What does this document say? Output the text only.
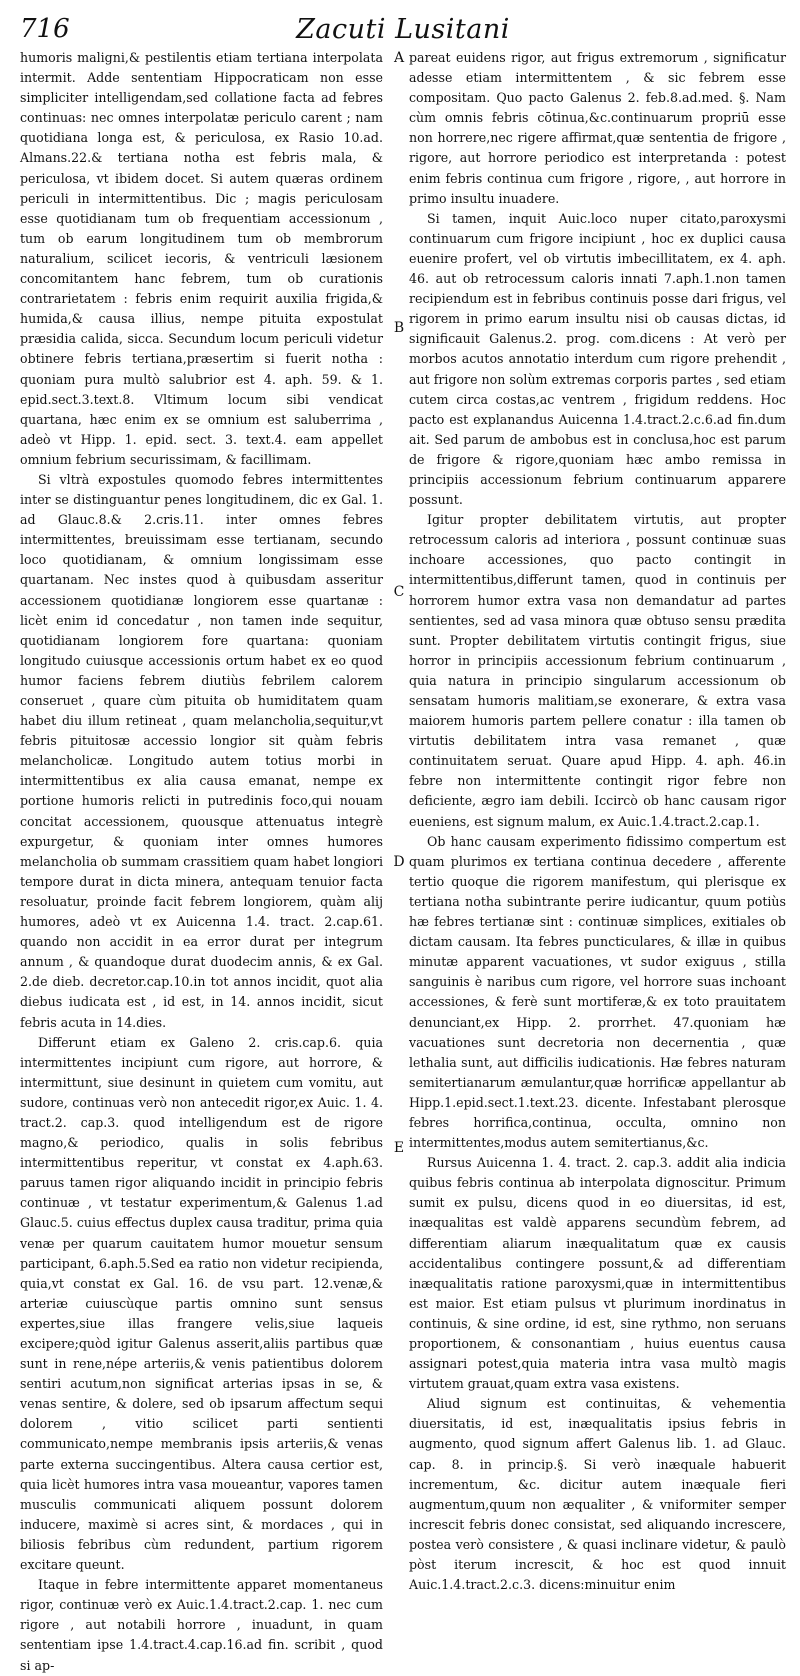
716	Zacuti Lusitani

humoris maligni,& pestilentis etiam tertiana interpolata intermit. Adde sententiam Hippocraticam non esse simpliciter intelligendam,sed collatione facta ad febres continuas: nec omnes interpolatæ periculo carent ; nam quotidiana longa est, & periculosa, ex Rasio 10.ad. Almans.22.& tertiana notha est febris mala, & periculosa, vt ibidem docet. Si autem quæras ordinem periculi in intermittentibus. Dic ; magis periculosam esse quotidianam tum ob frequentiam accessionum , tum ob earum longitudinem tum ob membrorum naturalium, scilicet iecoris, & ventriculi læsionem concomitantem hanc febrem, tum ob curationis contrarietatem : febris enim requirit auxilia frigida,& humida,& causa illius, nempe pituita expostulat præsidia calida, sicca. Secundum locum periculi videtur obtinere febris tertiana,præsertim si fuerit notha : quoniam pura multò salubrior est 4. aph. 59. & 1. epid.sect.3.text.8. Vltimum locum sibi vendicat quartana, hæc enim ex se omnium est saluberrima , adeò vt Hipp. 1. epid. sect. 3. text.4. eam appellet omnium febrium securissimam, & facillimam.

Si vltrà expostules quomodo febres intermittentes inter se distinguantur penes longitudinem, dic ex Gal. 1. ad Glauc.8.& 2.cris.11. inter omnes febres intermittentes, breuissimam esse tertianam, secundo loco quotidianam, & omnium longissimam esse quartanam. Nec instes quod à quibusdam asseritur accessionem quotidianæ longiorem esse quartanæ : licèt enim id concedatur , non tamen inde sequitur, quotidianam longiorem fore quartana: quoniam longitudo cuiusque accessionis ortum habet ex eo quod humor faciens febrem diutiùs febrilem calorem conseruet , quare cùm pituita ob humiditatem quam habet diu illum retineat , quam melancholia,sequitur,vt febris pituitosæ accessio longior sit quàm febris melancholicæ. Longitudo autem totius morbi in intermittentibus ex alia causa emanat, nempe ex portione humoris relicti in putredinis foco,qui nouam concitat accessionem, quousque attenuatus integrè expurgetur, & quoniam inter omnes humores melancholia ob summam crassitiem quam habet longiori tempore durat in dicta minera, antequam tenuior facta resoluatur, proinde facit febrem longiorem, quàm alij humores, adeò vt ex Auicenna 1.4. tract. 2.cap.61. quando non accidit in ea error durat per integrum annum , & quandoque durat duodecim annis, & ex Gal. 2.de dieb. decretor.cap.10.in tot annos incidit, quot alia diebus iudicata est , id est, in 14. annos incidit, sicut febris acuta in 14.dies.

Differunt etiam ex Galeno 2. cris.cap.6. quia intermittentes incipiunt cum rigore, aut horrore, & intermittunt, siue desinunt in quietem cum vomitu, aut sudore, continuas verò non antecedit rigor,ex Auic. 1. 4. tract.2. cap.3. quod intelligendum est de rigore magno,& periodico, qualis in solis febribus intermittentibus reperitur, vt constat ex 4.aph.63. paruus tamen rigor aliquando incidit in principio febris continuæ , vt testatur experimentum,& Galenus 1.ad Glauc.5. cuius effectus duplex causa traditur, prima quia venæ per quarum cauitatem humor mouetur sensum participant, 6.aph.5.Sed ea ratio non videtur recipienda, quia,vt constat ex Gal. 16. de vsu part. 12.venæ,& arteriæ cuiuscùque partis omnino sunt sensus expertes,siue illas frangere velis,siue laqueis excipere;quòd igitur Galenus asserit,aliis partibus quæ sunt in rene,népe arteriis,& venis patientibus dolorem sentiri acutum,non significat arterias ipsas in se, & venas sentire, & dolere, sed ob ipsarum affectum sequi dolorem , vitio scilicet parti sentienti communicato,nempe membranis ipsis arteriis,& venas parte externa succingentibus. Altera causa certior est, quia licèt humores intra vasa moueantur, vapores tamen musculis communicati aliquem possunt dolorem inducere, maximè si acres sint, & mordaces , qui in biliosis febribus cùm redundent, partium rigorem excitare queunt.

Itaque in febre intermittente apparet momentaneus rigor, continuæ verò ex Auic.1.4.tract.2.cap. 1. nec cum rigore , aut notabili horrore , inuadunt, in quam sententiam ipse 1.4.tract.4.cap.16.ad fin. scribit , quod si ap-

A
B
C
D
E

pareat euidens rigor, aut frigus extremorum , significatur adesse etiam intermittentem , & sic febrem esse compositam. Quo pacto Galenus 2. feb.8.ad.med. §. Nam cùm omnis febris cōtinua,&c.continuarum propriū esse non horrere,nec rigere affirmat,quæ sententia de frigore , rigore, aut horrore periodico est interpretanda : potest enim febris continua cum frigore , rigore, , aut horrore in primo insultu inuadere.

Si tamen, inquit Auic.loco nuper citato,paroxysmi continuarum cum frigore incipiunt , hoc ex duplici causa euenire profert, vel ob virtutis imbecillitatem, ex 4. aph. 46. aut ob retrocessum caloris innati 7.aph.1.non tamen recipiendum est in febribus continuis posse dari frigus, vel rigorem in primo earum insultu nisi ob causas dictas, id significauit Galenus.2. prog. com.dicens : At verò per morbos acutos annotatio interdum cum rigore prehendit , aut frigore non solùm extremas corporis partes , sed etiam cutem circa costas,ac ventrem , frigidum reddens. Hoc pacto est explanandus Auicenna 1.4.tract.2.c.6.ad fin.dum ait. Sed parum de ambobus est in conclusa,hoc est parum de frigore & rigore,quoniam hæc ambo remissa in principiis accessionum febrium continuarum apparere possunt.

Igitur propter debilitatem virtutis, aut propter retrocessum caloris ad interiora , possunt continuæ suas inchoare accessiones, quo pacto contingit in intermittentibus,differunt tamen, quod in continuis per horrorem humor extra vasa non demandatur ad partes sentientes, sed ad vasa minora quæ obtuso sensu prædita sunt. Propter debilitatem virtutis contingit frigus, siue horror in principiis accessionum febrium continuarum , quia natura in principio singularum accessionum ob sensatam humoris malitiam,se exonerare, & extra vasa maiorem humoris partem pellere conatur : illa tamen ob virtutis debilitatem intra vasa remanet , quæ continuitatem seruat. Quare apud Hipp. 4. aph. 46.in febre non intermittente contingit rigor febre non deficiente, ægro iam debili. Iccircò ob hanc causam rigor eueniens, est signum malum, ex Auic.1.4.tract.2.cap.1.

Ob hanc causam experimento fidissimo compertum est quam plurimos ex tertiana continua decedere , afferente tertio quoque die rigorem manifestum, qui plerisque ex tertiana notha subintrante perire iudicantur, quum potiùs hæ febres tertianæ sint : continuæ simplices, exitiales ob dictam causam. Ita febres puncticulares, & illæ in quibus minutæ apparent vacuationes, vt sudor exiguus , stilla sanguinis è naribus cum rigore, vel horrore suas inchoant accessiones, & ferè sunt mortiferæ,& ex toto prauitatem denunciant,ex Hipp. 2. prorrhet. 47.quoniam hæ vacuationes sunt decretoria non decernentia , quæ lethalia sunt, aut difficilis iudicationis. Hæ febres naturam semitertianarum æmulantur,quæ horrificæ appellantur ab Hipp.1.epid.sect.1.text.23. dicente. Infestabant plerosque febres horrifica,continua, occulta, omnino non intermittentes,modus autem semitertianus,&c.

Rursus Auicenna 1. 4. tract. 2. cap.3. addit alia indicia quibus febris continua ab interpolata dignoscitur. Primum sumit ex pulsu, dicens quod in eo diuersitas, id est, inæqualitas est valdè apparens secundùm febrem, ad differentiam aliarum inæqualitatum quæ ex causis accidentalibus contingere possunt,& ad differentiam inæqualitatis ratione paroxysmi,quæ in intermittentibus est maior. Est etiam pulsus vt plurimum inordinatus in continuis, & sine ordine, id est, sine rythmo, non seruans proportionem, & consonantiam , huius euentus causa assignari potest,quia materia intra vasa multò magis virtutem grauat,quam extra vasa existens.

Aliud signum est continuitas, & vehementia diuersitatis, id est, inæqualitatis ipsius febris in augmento, quod signum affert Galenus lib. 1. ad Glauc. cap. 8. in princip.§. Si verò inæquale habuerit incrementum, &c. dicitur autem inæquale fieri augmentum,quum non æqualiter , & vniformiter semper increscit febris donec consistat, sed aliquando increscere, postea verò consistere , & quasi inclinare videtur, & paulò pòst iterum increscit, & hoc est quod innuit Auic.1.4.tract.2.c.3. dicens:minuitur enim
